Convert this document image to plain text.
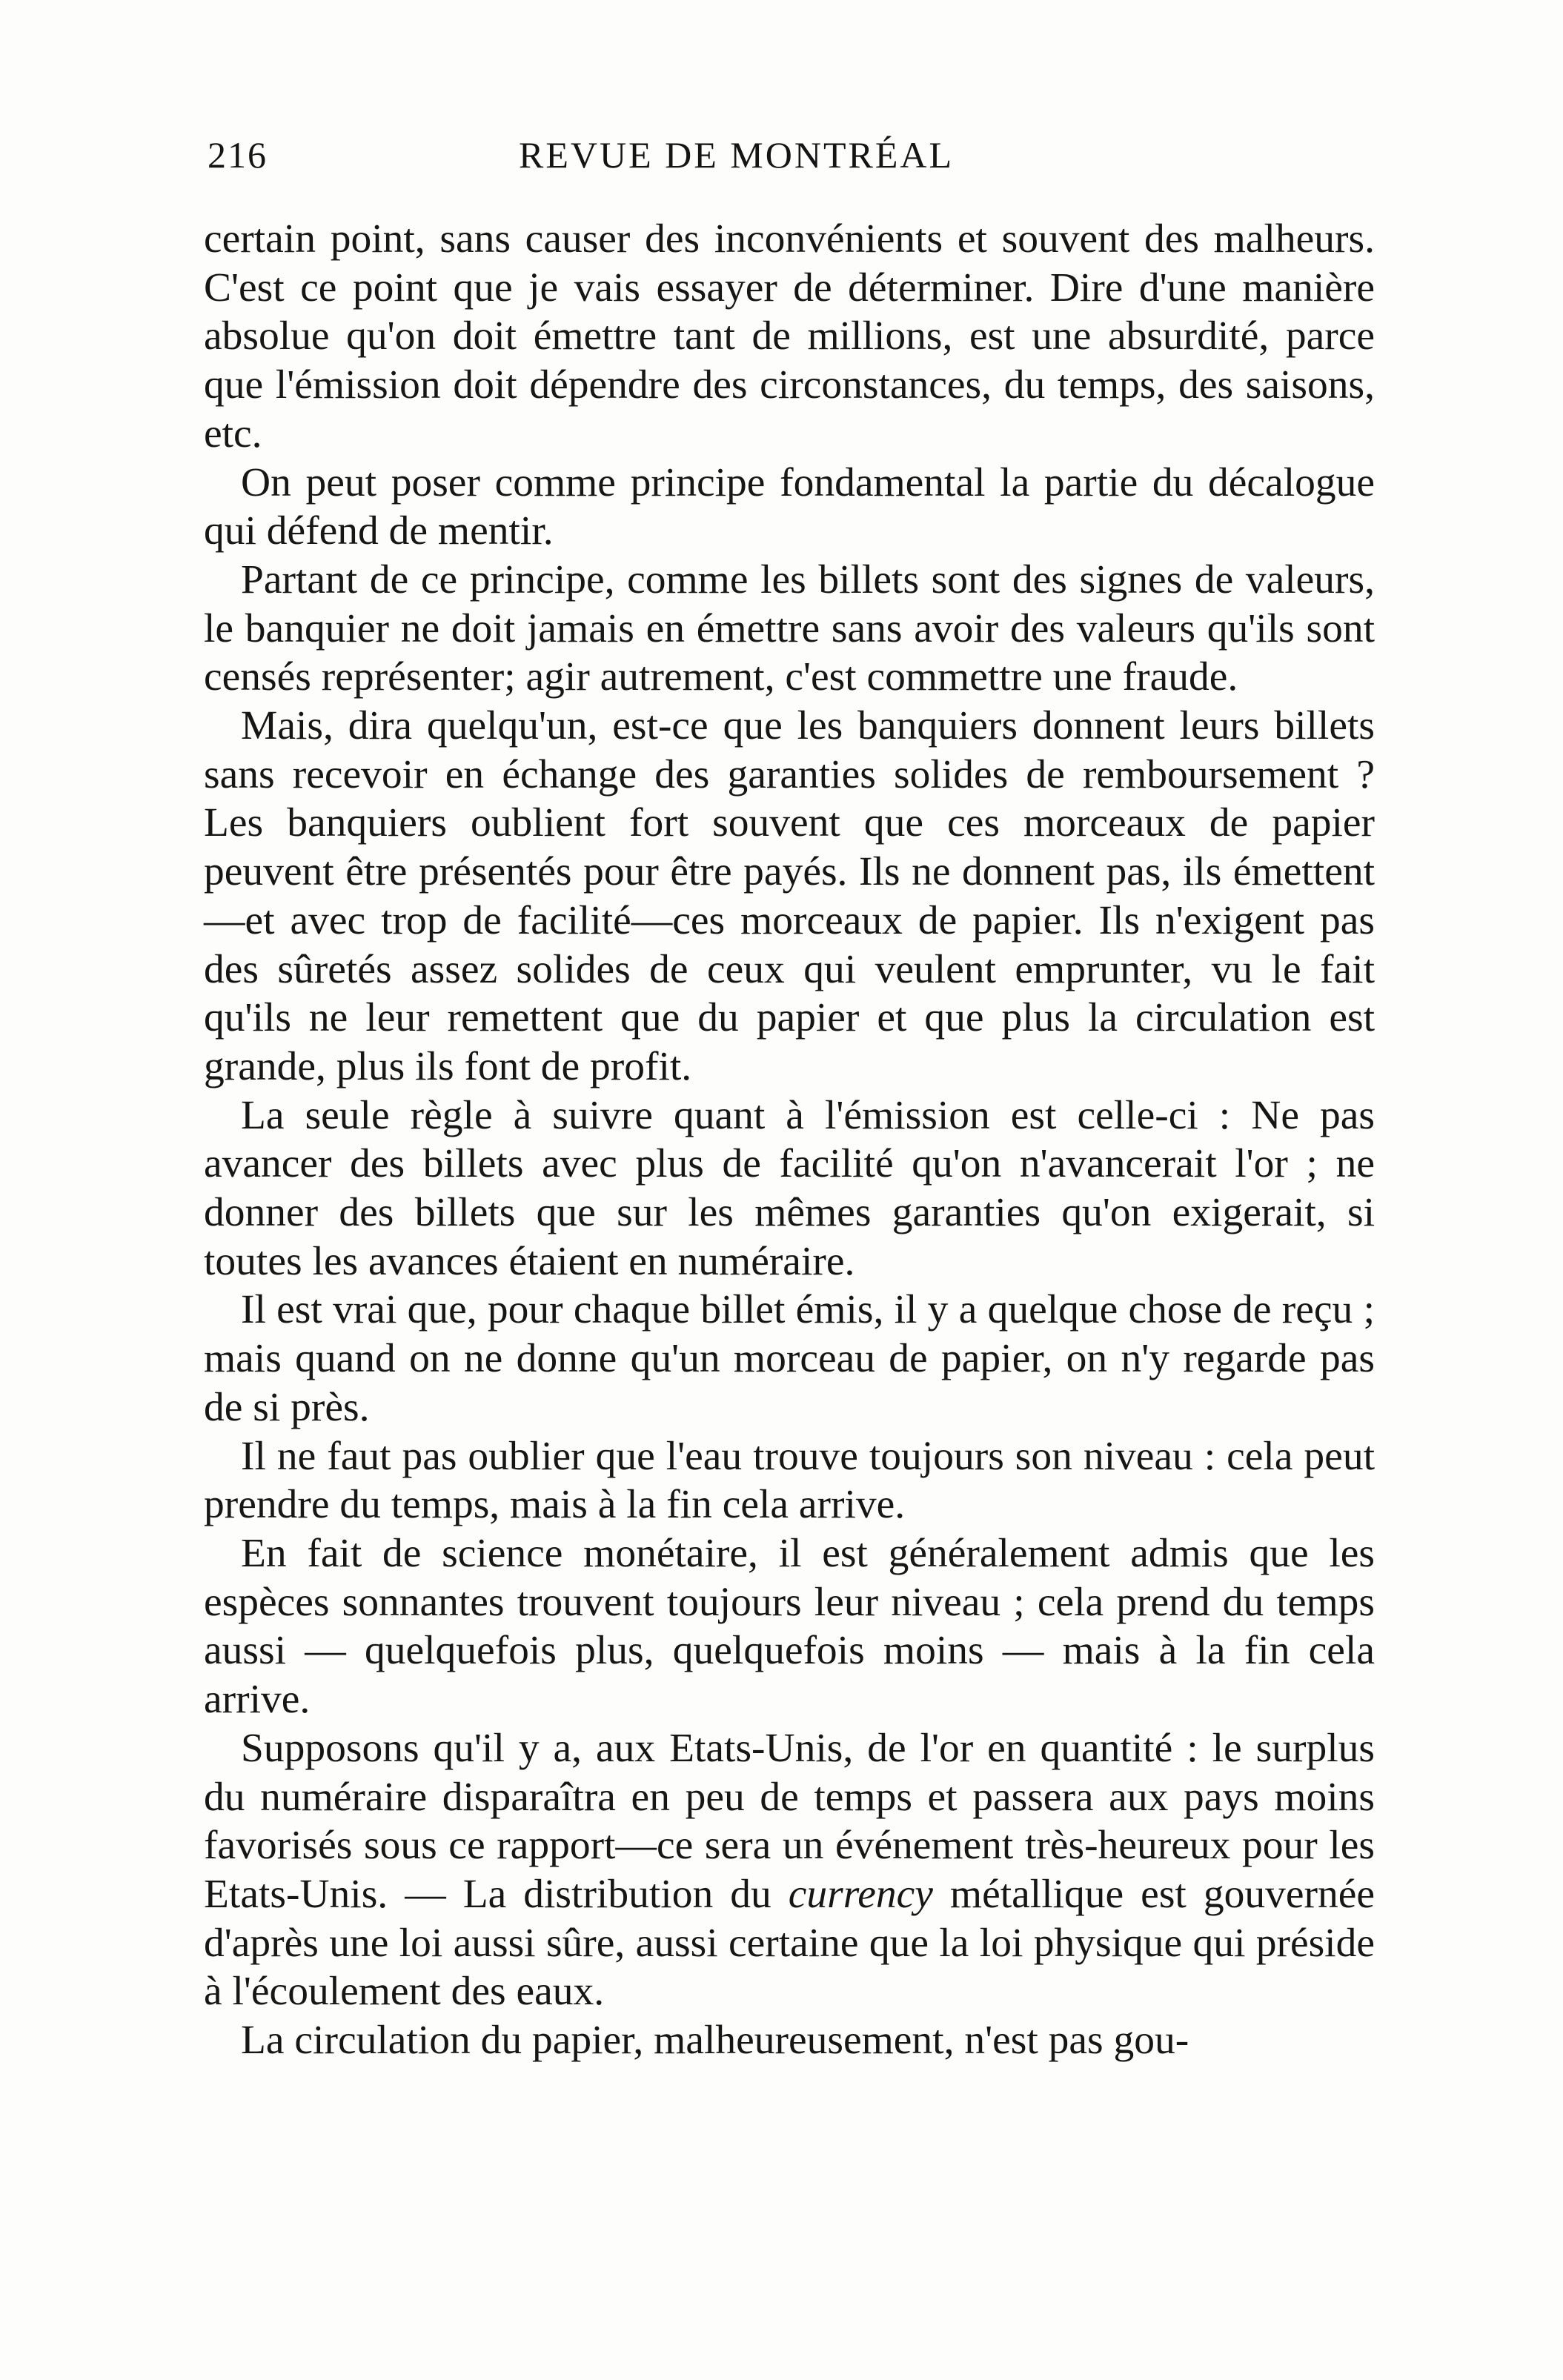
216	REVUE DE MONTRÉAL

certain point, sans causer des inconvénients et souvent des malheurs. C'est ce point que je vais essayer de déterminer. Dire d'une manière absolue qu'on doit émettre tant de millions, est une absurdité, parce que l'émission doit dépendre des circonstances, du temps, des saisons, etc.

On peut poser comme principe fondamental la partie du décalogue qui défend de mentir.

Partant de ce principe, comme les billets sont des signes de valeurs, le banquier ne doit jamais en émettre sans avoir des valeurs qu'ils sont censés représenter; agir autrement, c'est commettre une fraude.

Mais, dira quelqu'un, est-ce que les banquiers donnent leurs billets sans recevoir en échange des garanties solides de remboursement ? Les banquiers oublient fort souvent que ces morceaux de papier peuvent être présentés pour être payés. Ils ne donnent pas, ils émettent—et avec trop de facilité—ces morceaux de papier. Ils n'exigent pas des sûretés assez solides de ceux qui veulent emprunter, vu le fait qu'ils ne leur remettent que du papier et que plus la circulation est grande, plus ils font de profit.

La seule règle à suivre quant à l'émission est celle-ci : Ne pas avancer des billets avec plus de facilité qu'on n'avancerait l'or ; ne donner des billets que sur les mêmes garanties qu'on exigerait, si toutes les avances étaient en numéraire.

Il est vrai que, pour chaque billet émis, il y a quelque chose de reçu ; mais quand on ne donne qu'un morceau de papier, on n'y regarde pas de si près.

Il ne faut pas oublier que l'eau trouve toujours son niveau : cela peut prendre du temps, mais à la fin cela arrive.

En fait de science monétaire, il est généralement admis que les espèces sonnantes trouvent toujours leur niveau ; cela prend du temps aussi — quelquefois plus, quelquefois moins — mais à la fin cela arrive.

Supposons qu'il y a, aux Etats-Unis, de l'or en quantité : le surplus du numéraire disparaîtra en peu de temps et passera aux pays moins favorisés sous ce rapport—ce sera un événement très-heureux pour les Etats-Unis. — La distribution du currency métallique est gouvernée d'après une loi aussi sûre, aussi certaine que la loi physique qui préside à l'écoulement des eaux.

La circulation du papier, malheureusement, n'est pas gou-
